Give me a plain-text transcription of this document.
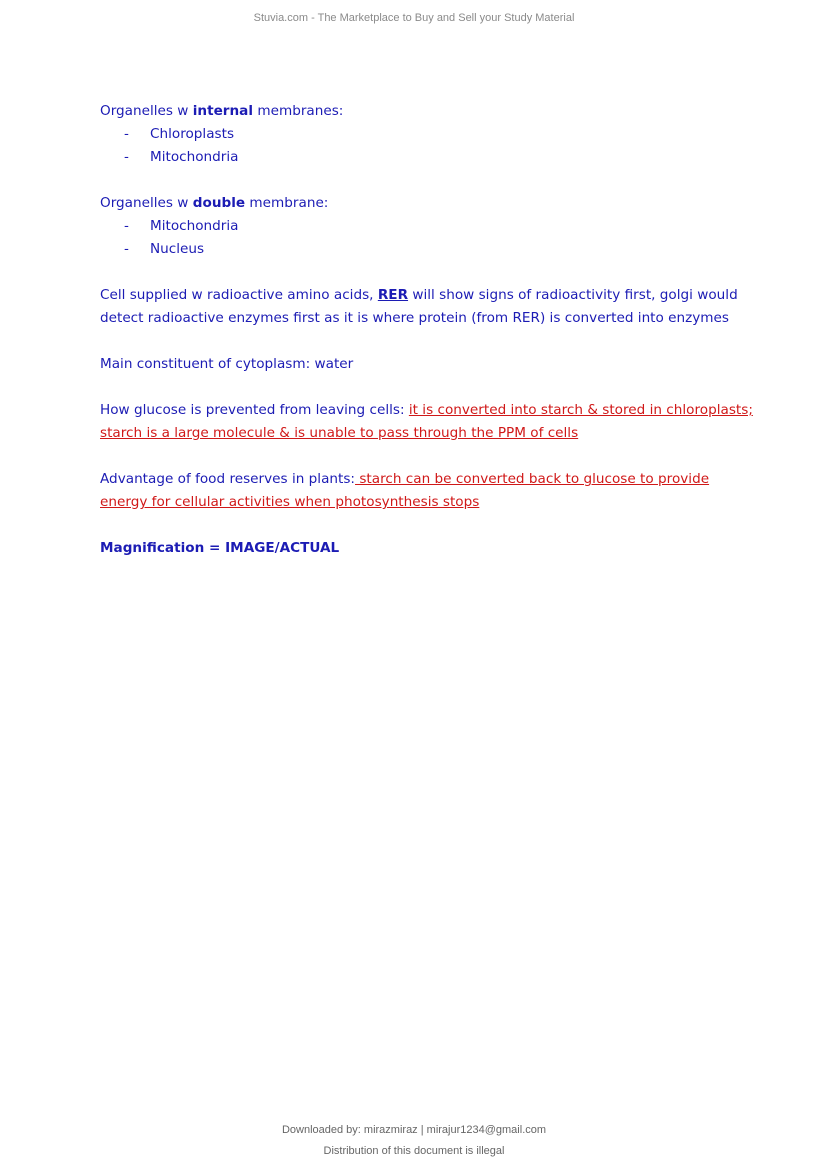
Stuvia.com - The Marketplace to Buy and Sell your Study Material

Organelles w internal membranes:

- Chloroplasts
- Mitochondria

Organelles w double membrane:

- Mitochondria
- Nucleus

Cell supplied w radioactive amino acids, RER will show signs of radioactivity first, golgi would detect radioactive enzymes first as it is where protein (from RER) is converted into enzymes

Main constituent of cytoplasm: water

How glucose is prevented from leaving cells: it is converted into starch & stored in chloroplasts; starch is a large molecule & is unable to pass through the PPM of cells

Advantage of food reserves in plants: starch can be converted back to glucose to provide energy for cellular activities when photosynthesis stops

Magnification = IMAGE/ACTUAL

Downloaded by: mirazmiraz | mirajur1234@gmail.com
Distribution of this document is illegal
